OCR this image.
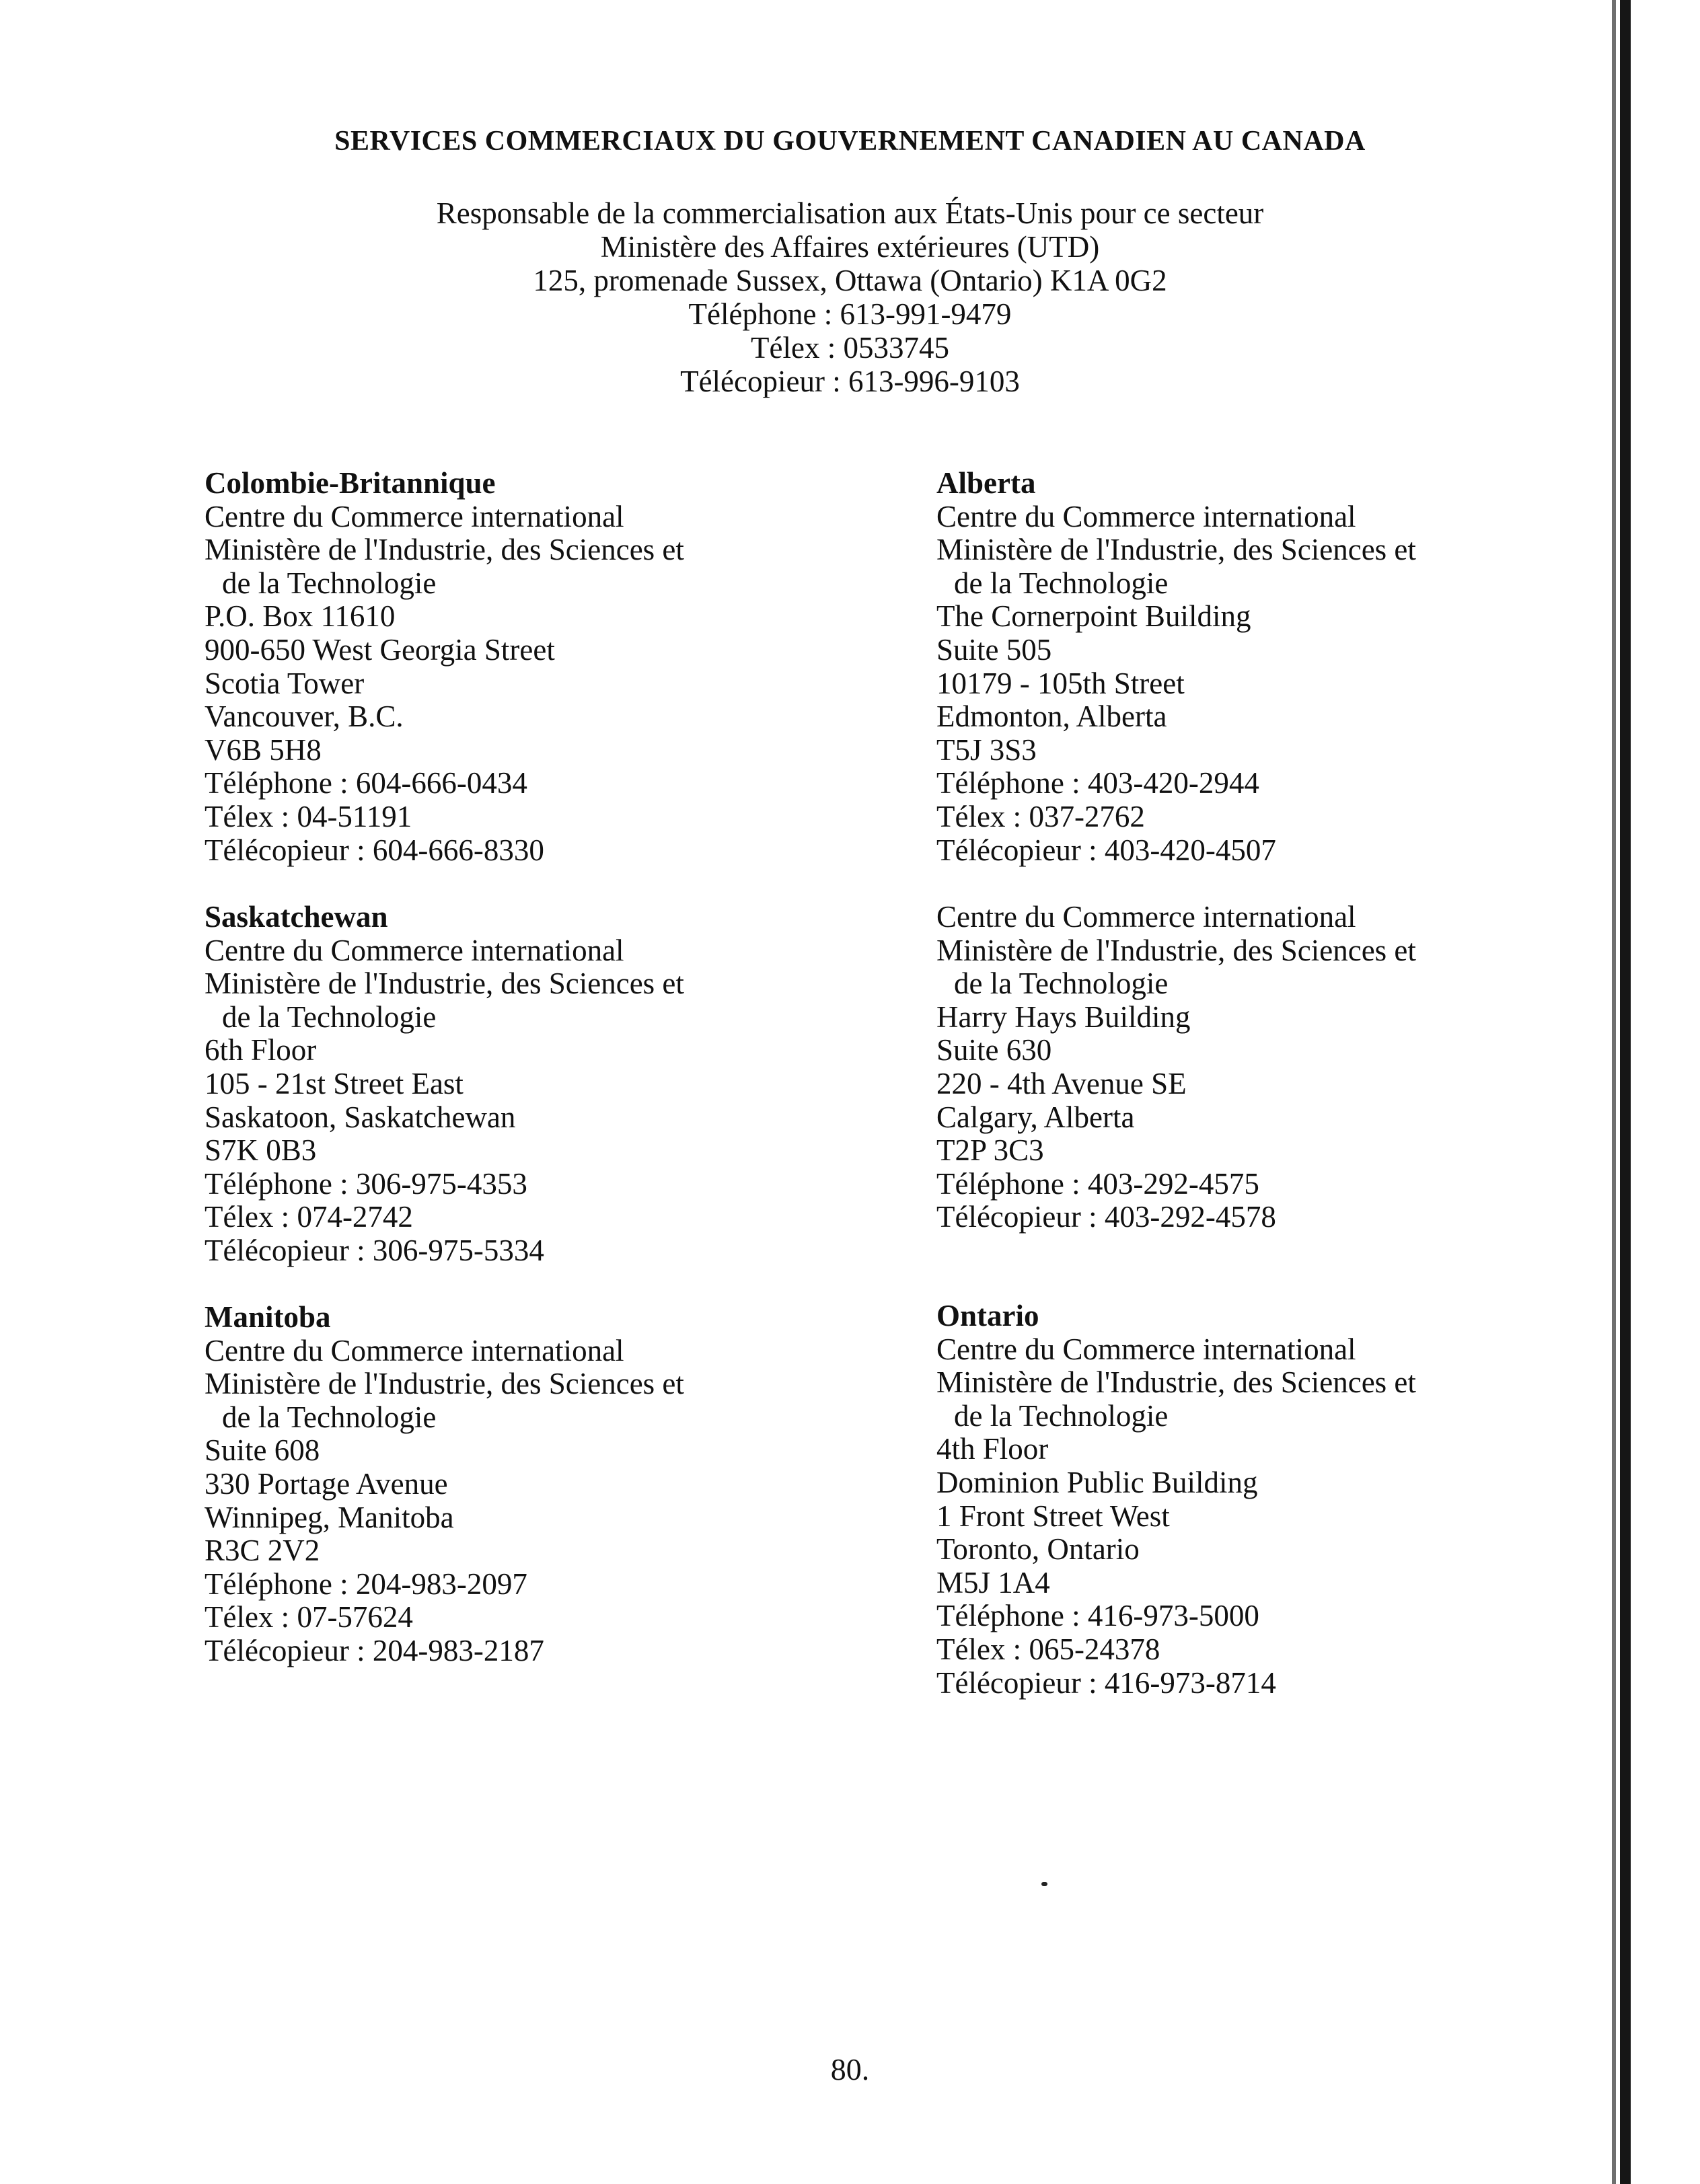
SERVICES COMMERCIAUX DU GOUVERNEMENT CANADIEN AU CANADA
Responsable de la commercialisation aux États-Unis pour ce secteur
Ministère des Affaires extérieures (UTD)
125, promenade Sussex, Ottawa (Ontario) K1A 0G2
Téléphone : 613-991-9479
Télex : 0533745
Télécopieur : 613-996-9103
Colombie-Britannique
Centre du Commerce international
Ministère de l'Industrie, des Sciences et
de la Technologie
P.O. Box 11610
900-650 West Georgia Street
Scotia Tower
Vancouver, B.C.
V6B 5H8
Téléphone : 604-666-0434
Télex : 04-51191
Télécopieur : 604-666-8330
Saskatchewan
Centre du Commerce international
Ministère de l'Industrie, des Sciences et
de la Technologie
6th Floor
105 - 21st Street East
Saskatoon, Saskatchewan
S7K 0B3
Téléphone : 306-975-4353
Télex : 074-2742
Télécopieur : 306-975-5334
Manitoba
Centre du Commerce international
Ministère de l'Industrie, des Sciences et
de la Technologie
Suite 608
330 Portage Avenue
Winnipeg, Manitoba
R3C 2V2
Téléphone : 204-983-2097
Télex : 07-57624
Télécopieur : 204-983-2187
Alberta
Centre du Commerce international
Ministère de l'Industrie, des Sciences et
de la Technologie
The Cornerpoint Building
Suite 505
10179 - 105th Street
Edmonton, Alberta
T5J 3S3
Téléphone : 403-420-2944
Télex : 037-2762
Télécopieur : 403-420-4507
Centre du Commerce international
Ministère de l'Industrie, des Sciences et
de la Technologie
Harry Hays Building
Suite 630
220 - 4th Avenue SE
Calgary, Alberta
T2P 3C3
Téléphone : 403-292-4575
Télécopieur : 403-292-4578
Ontario
Centre du Commerce international
Ministère de l'Industrie, des Sciences et
de la Technologie
4th Floor
Dominion Public Building
1 Front Street West
Toronto, Ontario
M5J 1A4
Téléphone : 416-973-5000
Télex : 065-24378
Télécopieur : 416-973-8714
80.
